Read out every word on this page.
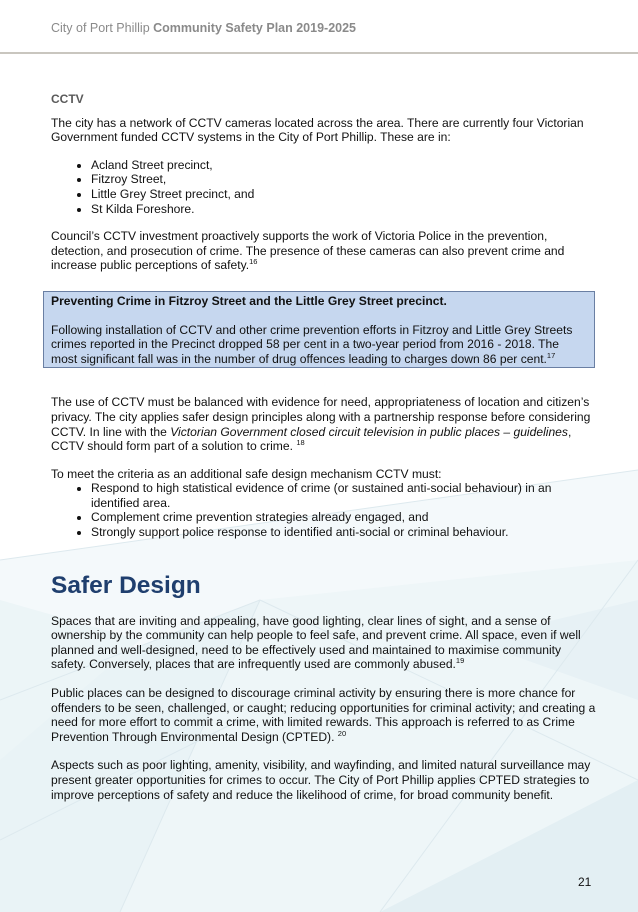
City of Port Phillip Community Safety Plan 2019-2025

CCTV

The city has a network of CCTV cameras located across the area. There are currently four Victorian Government funded CCTV systems in the City of Port Phillip. These are in:

• Acland Street precinct,
• Fitzroy Street,
• Little Grey Street precinct, and
• St Kilda Foreshore.

Council’s CCTV investment proactively supports the work of Victoria Police in the prevention, detection, and prosecution of crime. The presence of these cameras can also prevent crime and increase public perceptions of safety.$^{16}$

Preventing Crime in Fitzroy Street and the Little Grey Street precinct.

Following installation of CCTV and other crime prevention efforts in Fitzroy and Little Grey Streets crimes reported in the Precinct dropped 58 per cent in a two-year period from 2016 - 2018. The most significant fall was in the number of drug offences leading to charges down 86 per cent.$^{17}$

The use of CCTV must be balanced with evidence for need, appropriateness of location and citizen’s privacy. The city applies safer design principles along with a partnership response before considering CCTV. In line with the Victorian Government closed circuit television in public places – guidelines, CCTV should form part of a solution to crime. $^{18}$

To meet the criteria as an additional safe design mechanism CCTV must:

• Respond to high statistical evidence of crime (or sustained anti-social behaviour) in an identified area.
• Complement crime prevention strategies already engaged, and
• Strongly support police response to identified anti-social or criminal behaviour.

Safer Design

Spaces that are inviting and appealing, have good lighting, clear lines of sight, and a sense of ownership by the community can help people to feel safe, and prevent crime. All space, even if well planned and well-designed, need to be effectively used and maintained to maximise community safety. Conversely, places that are infrequently used are commonly abused.$^{19}$

Public places can be designed to discourage criminal activity by ensuring there is more chance for offenders to be seen, challenged, or caught; reducing opportunities for criminal activity; and creating a need for more effort to commit a crime, with limited rewards. This approach is referred to as Crime Prevention Through Environmental Design (CPTED). $^{20}$

Aspects such as poor lighting, amenity, visibility, and wayfinding, and limited natural surveillance may present greater opportunities for crimes to occur. The City of Port Phillip applies CPTED strategies to improve perceptions of safety and reduce the likelihood of crime, for broad community benefit.

21
